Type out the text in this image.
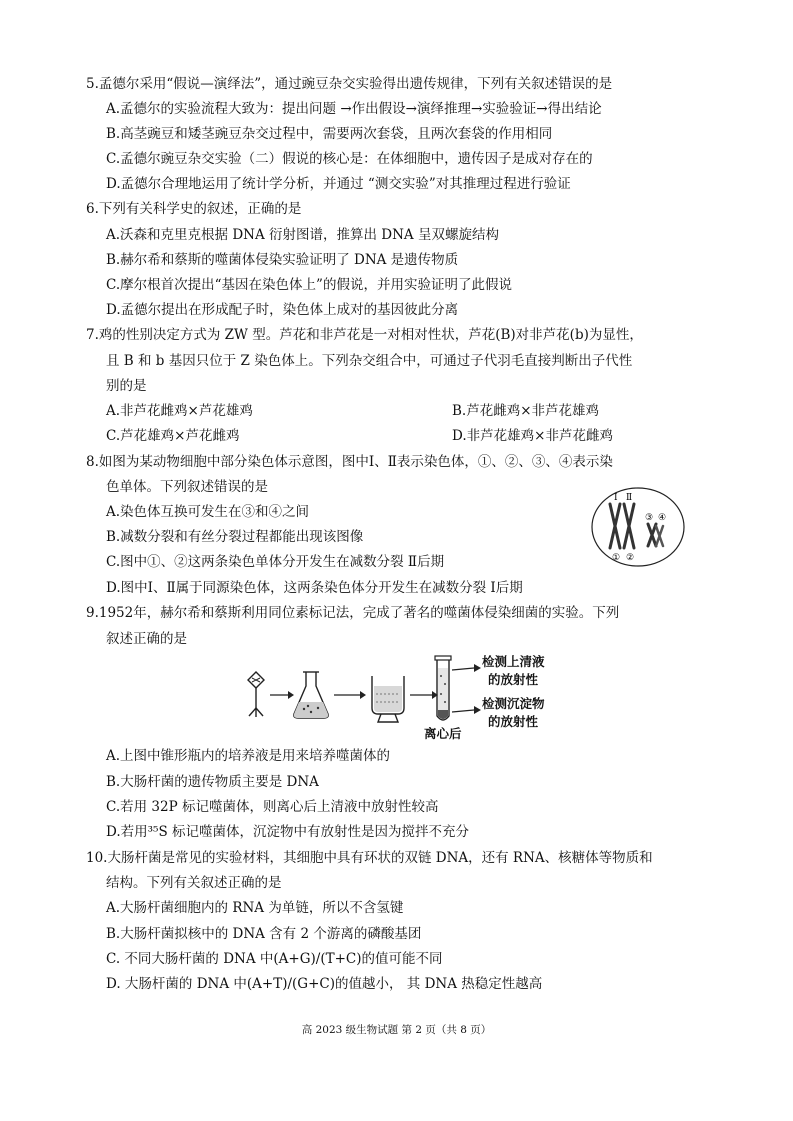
5.孟德尔采用“假说—演绎法”，通过豌豆杂交实验得出遗传规律，下列有关叙述错误的是
A.孟德尔的实验流程大致为：提出问题 →作出假设→演绎推理→实验验证→得出结论
B.高茎豌豆和矮茎豌豆杂交过程中，需要两次套袋，且两次套袋的作用相同
C.孟德尔豌豆杂交实验（二）假说的核心是：在体细胞中，遗传因子是成对存在的
D.孟德尔合理地运用了统计学分析，并通过 “测交实验”对其推理过程进行验证
6.下列有关科学史的叙述，正确的是
A.沃森和克里克根据 DNA 衍射图谱，推算出 DNA 呈双螺旋结构
B.赫尔希和蔡斯的噬菌体侵染实验证明了 DNA 是遗传物质
C.摩尔根首次提出“基因在染色体上”的假说，并用实验证明了此假说
D.孟德尔提出在形成配子时，染色体上成对的基因彼此分离
7.鸡的性别决定方式为 ZW 型。芦花和非芦花是一对相对性状，芦花(B)对非芦花(b)为显性，
且 B 和 b 基因只位于 Z 染色体上。下列杂交组合中，可通过子代羽毛直接判断出子代性
别的是
A.非芦花雌鸡×芦花雄鸡	B.芦花雌鸡×非芦花雄鸡
C.芦花雄鸡×芦花雌鸡	D.非芦花雄鸡×非芦花雌鸡
8.如图为某动物细胞中部分染色体示意图，图中Ⅰ、Ⅱ表示染色体，①、②、③、④表示染
色单体。下列叙述错误的是
A.染色体互换可发生在③和④之间
B.减数分裂和有丝分裂过程都能出现该图像
C.图中①、②这两条染色单体分开发生在减数分裂 Ⅱ后期
D.图中Ⅰ、Ⅱ属于同源染色体，这两条染色体分开发生在减数分裂 Ⅰ后期
Ⅰ Ⅱ
③ ④
① ②
9.1952年，赫尔希和蔡斯利用同位素标记法，完成了著名的噬菌体侵染细菌的实验。下列
叙述正确的是
检测上清液
的放射性
检测沉淀物
的放射性
离心后
A.上图中锥形瓶内的培养液是用来培养噬菌体的
B.大肠杆菌的遗传物质主要是 DNA
C.若用 32P 标记噬菌体，则离心后上清液中放射性较高
D.若用³⁵S 标记噬菌体，沉淀物中有放射性是因为搅拌不充分
10.大肠杆菌是常见的实验材料，其细胞中具有环状的双链 DNA，还有 RNA、核糖体等物质和
结构。下列有关叙述正确的是
A.大肠杆菌细胞内的 RNA 为单链，所以不含氢键
B.大肠杆菌拟核中的 DNA 含有 2 个游离的磷酸基团
C. 不同大肠杆菌的 DNA 中(A+G)/(T+C)的值可能不同
D. 大肠杆菌的 DNA 中(A+T)/(G+C)的值越小， 其 DNA 热稳定性越高
高 2023 级生物试题 第 2 页（共 8 页）
